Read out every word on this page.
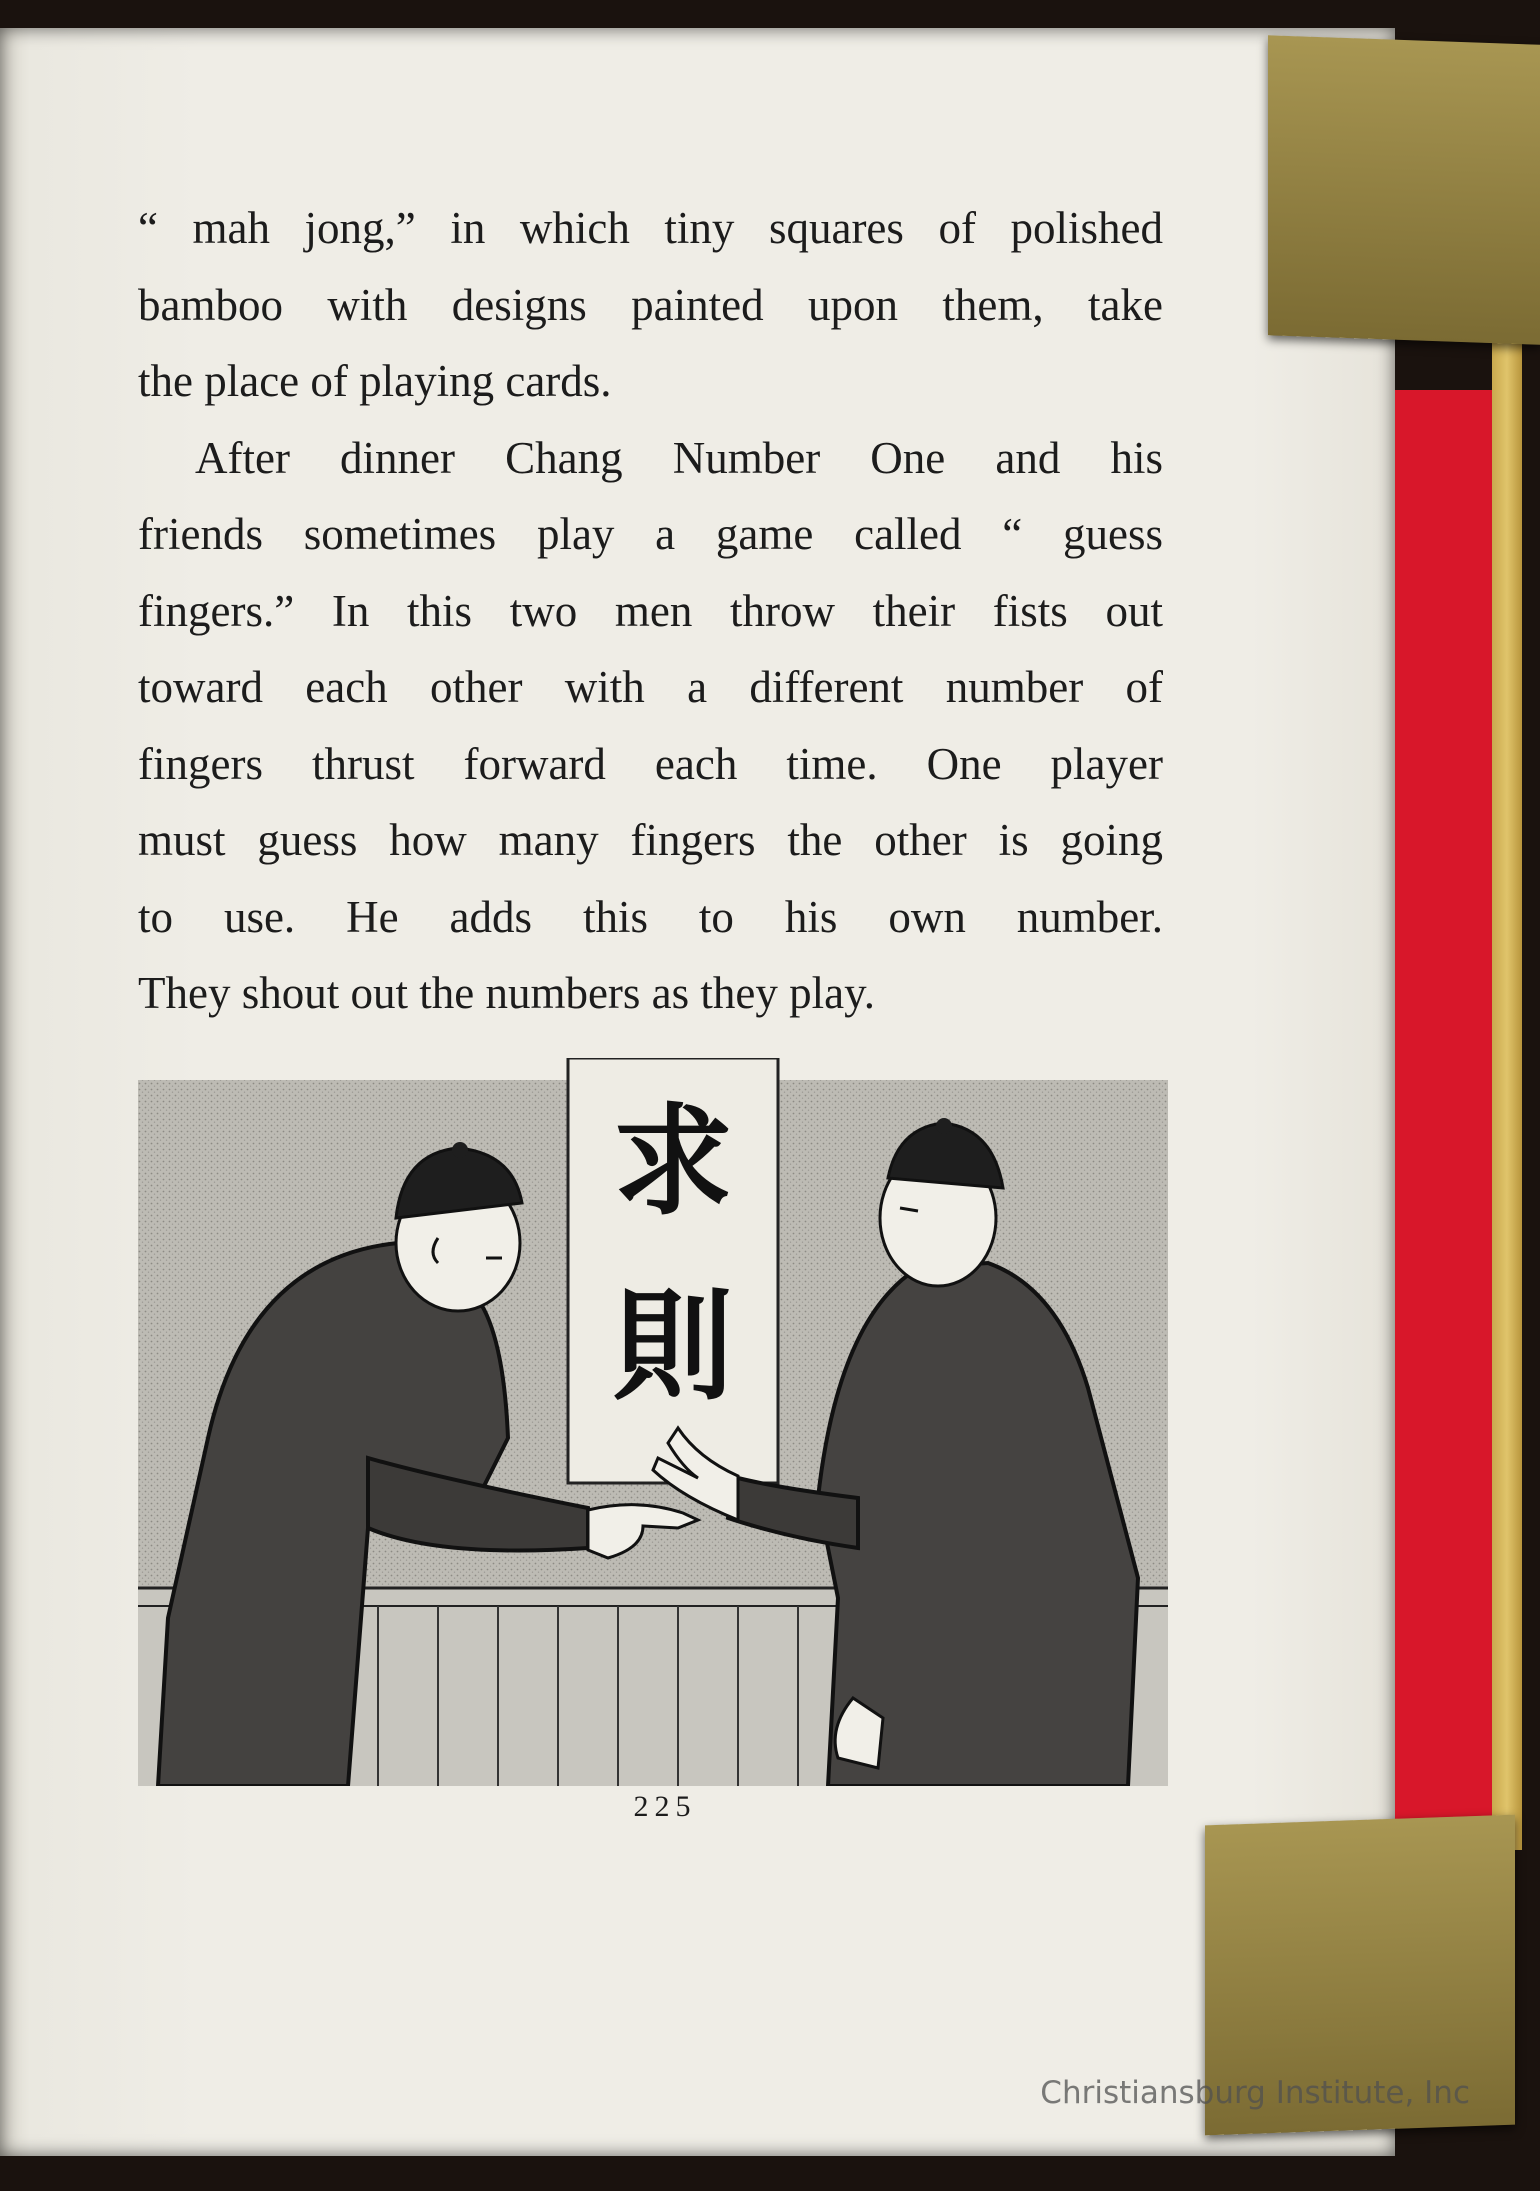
“ mah jong,” in which tiny squares of polished
bamboo with designs painted upon them, take
the place of playing cards.
After dinner Chang Number One and his
friends sometimes play a game called “ guess
fingers.” In this two men throw their fists out
toward each other with a different number of
fingers thrust forward each time. One player
must guess how many fingers the other is going
to use. He adds this to his own number.
They shout out the numbers as they play.
求
則
225
Christiansburg Institute, Inc
